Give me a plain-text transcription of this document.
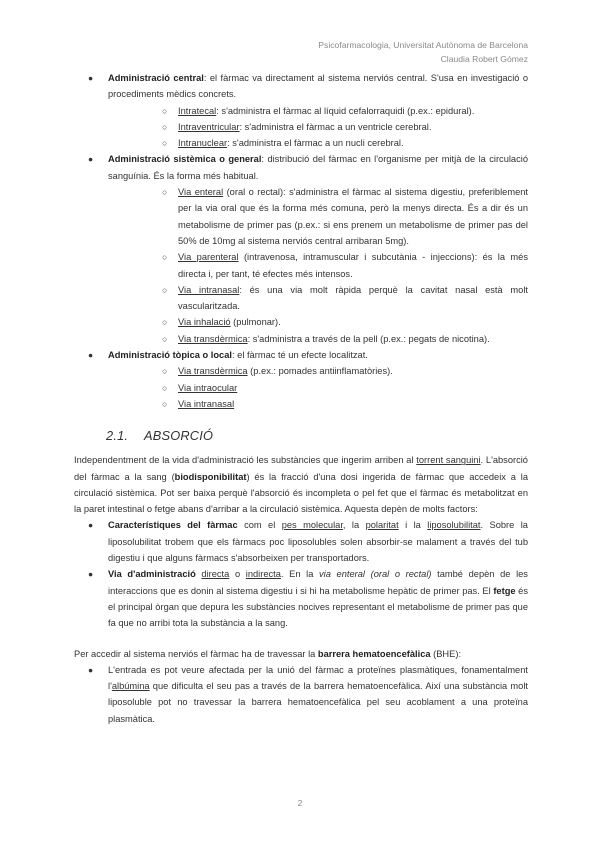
Psicofarmacologia, Universitat Autònoma de Barcelona
Claudia Robert Gómez
● Administració central: el fàrmac va directament al sistema nerviós central. S'usa en investigació o procediments mèdics concrets.
○ Intratecal: s'administra el fàrmac al líquid cefalorraquidi (p.ex.: epidural).
○ Intraventricular: s'administra el fàrmac a un ventricle cerebral.
○ Intranuclear: s'administra el fàrmac a un nucli cerebral.
● Administració sistèmica o general: distribució del fàrmac en l'organisme per mitjà de la circulació sanguínia. És la forma més habitual.
○ Via enteral (oral o rectal): s'administra el fàrmac al sistema digestiu, preferiblement per la via oral que és la forma més comuna, però la menys directa. És a dir és un metabolisme de primer pas (p.ex.: si ens prenem un metabolisme de primer pas del 50% de 10mg al sistema nerviós central arribaran 5mg).
○ Via parenteral (intravenosa, intramuscular i subcutània - injeccions): és la més directa i, per tant, té efectes més intensos.
○ Via intranasal: és una via molt ràpida perquè la cavitat nasal està molt vascularitzada.
○ Via inhalació (pulmonar).
○ Via transdèrmica: s'administra a través de la pell (p.ex.: pegats de nicotina).
● Administració tòpica o local: el fàrmac té un efecte localitzat.
○ Via transdèrmica (p.ex.: pomades antiinflamatòries).
○ Via intraocular
○ Via intranasal
2.1. ABSORCIÓ

Independentment de la vida d'administració les substàncies que ingerim arriben al torrent sanguini. L'absorció del fàrmac a la sang (biodisponibilitat) és la fracció d'una dosi ingerida de fàrmac que accedeix a la circulació sistèmica. Pot ser baixa perquè l'absorció és incompleta o pel fet que el fàrmac és metabolitzat en la paret intestinal o fetge abans d'arribar a la circulació sistèmica. Aquesta depèn de molts factors:

● Característiques del fàrmac com el pes molecular, la polaritat i la liposolubilitat. Sobre la liposolubilitat trobem que els fàrmacs poc liposolubles solen absorbir-se malament a través del tub digestiu i que alguns fàrmacs s'absorbeixen per transportadors.
● Via d'administració directa o indirecta. En la via enteral (oral o rectal) també depèn de les interaccions que es donin al sistema digestiu i si hi ha metabolisme hepàtic de primer pas. El fetge és el principal òrgan que depura les substàncies nocives representant el metabolisme de primer pas que fa que no arribi tota la substància a la sang.

Per accedir al sistema nerviós el fàrmac ha de travessar la barrera hematoencefàlica (BHE):

● L'entrada es pot veure afectada per la unió del fàrmac a proteïnes plasmàtiques, fonamentalment l'albúmina que dificulta el seu pas a través de la barrera hematoencefàlica. Així una substància molt liposoluble pot no travessar la barrera hematoencefàlica pel seu acoblament a una proteïna plasmàtica.
2
